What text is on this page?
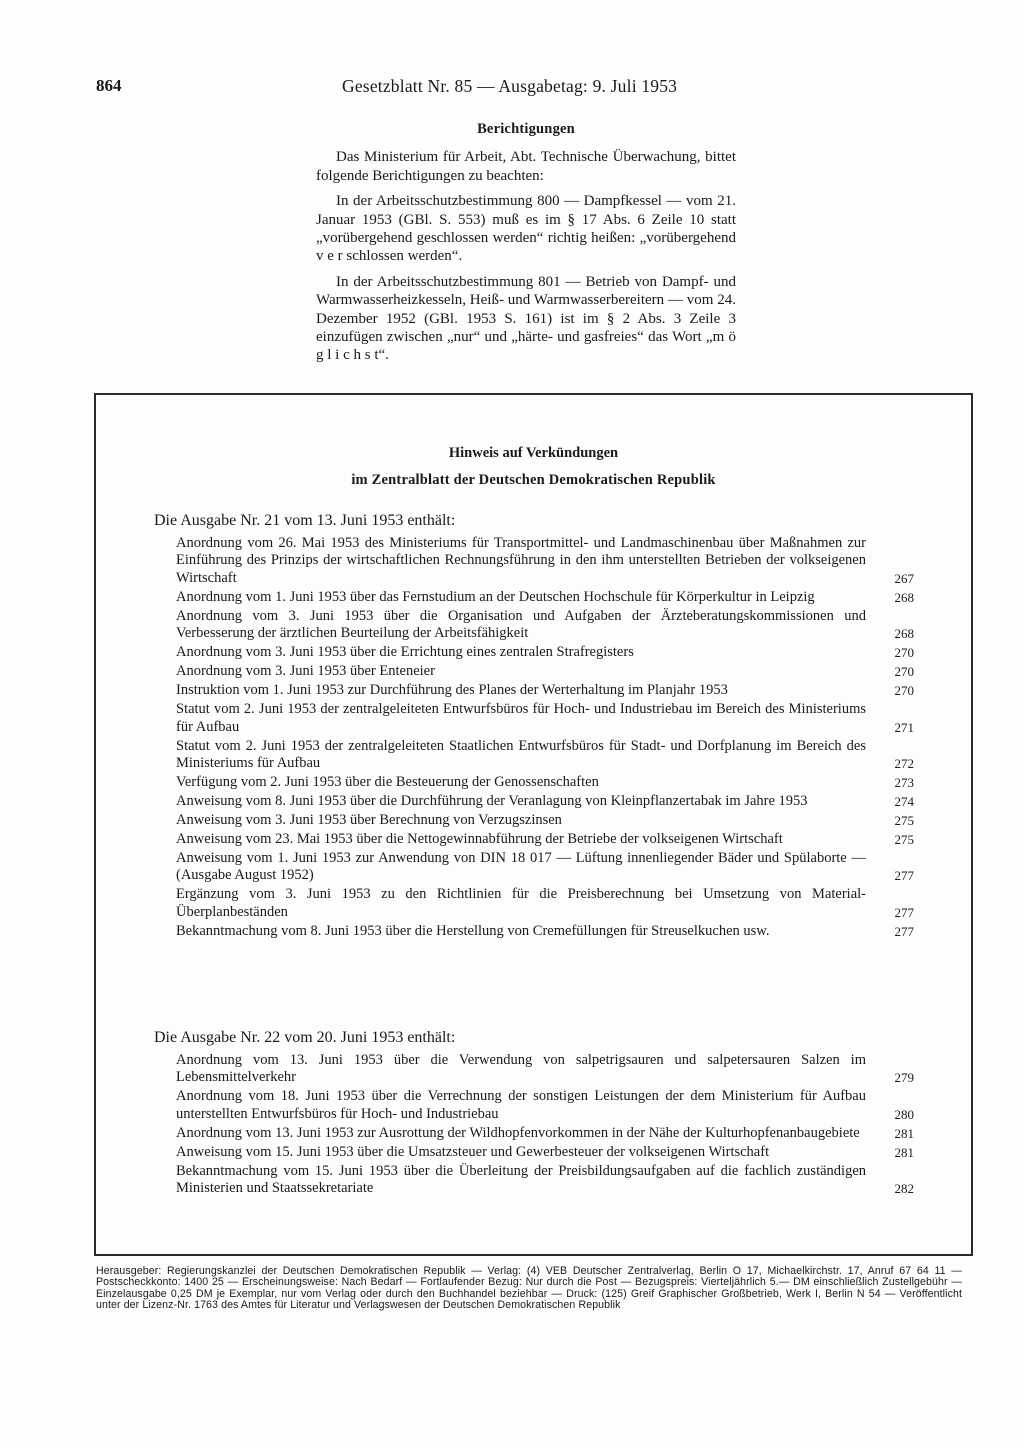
864	Gesetzblatt Nr. 85 — Ausgabetag: 9. Juli 1953

Berichtigungen

Das Ministerium für Arbeit, Abt. Technische Überwachung, bittet folgende Berichtigungen zu beachten:

In der Arbeitsschutzbestimmung 800 — Dampfkessel — vom 21. Januar 1953 (GBl. S. 553) muß es im § 17 Abs. 6 Zeile 10 statt „vorübergehend geschlossen werden“ richtig heißen: „vorübergehend v e r schlossen werden“.

In der Arbeitsschutzbestimmung 801 — Betrieb von Dampf- und Warmwasserheizkesseln, Heiß- und Warmwasserbereitern — vom 24. Dezember 1952 (GBl. 1953 S. 161) ist im § 2 Abs. 3 Zeile 3 einzufügen zwischen „nur“ und „härte- und gasfreies“ das Wort „m ö g l i c h s t“.

Hinweis auf Verkündungen
im Zentralblatt der Deutschen Demokratischen Republik
Die Ausgabe Nr. 21 vom 13. Juni 1953 enthält:
Anordnung vom 26. Mai 1953 des Ministeriums für Transportmittel- und Landmaschinenbau über Maßnahmen zur Einführung des Prinzips der wirtschaftlichen Rechnungsführung in den ihm unterstellten Betrieben der volkseigenen Wirtschaft	267
Anordnung vom 1. Juni 1953 über das Fernstudium an der Deutschen Hochschule für Körperkultur in Leipzig	268
Anordnung vom 3. Juni 1953 über die Organisation und Aufgaben der Ärzteberatungskommissionen und Verbesserung der ärztlichen Beurteilung der Arbeitsfähigkeit	268
Anordnung vom 3. Juni 1953 über die Errichtung eines zentralen Strafregisters	270
Anordnung vom 3. Juni 1953 über Enteneier	270
Instruktion vom 1. Juni 1953 zur Durchführung des Planes der Werterhaltung im Planjahr 1953	270
Statut vom 2. Juni 1953 der zentralgeleiteten Entwurfsbüros für Hoch- und Industriebau im Bereich des Ministeriums für Aufbau	271
Statut vom 2. Juni 1953 der zentralgeleiteten Staatlichen Entwurfsbüros für Stadt- und Dorfplanung im Bereich des Ministeriums für Aufbau	272
Verfügung vom 2. Juni 1953 über die Besteuerung der Genossenschaften	273
Anweisung vom 8. Juni 1953 über die Durchführung der Veranlagung von Kleinpflanzertabak im Jahre 1953	274
Anweisung vom 3. Juni 1953 über Berechnung von Verzugszinsen	275
Anweisung vom 23. Mai 1953 über die Nettogewinnabführung der Betriebe der volkseigenen Wirtschaft	275
Anweisung vom 1. Juni 1953 zur Anwendung von DIN 18 017 — Lüftung innenliegender Bäder und Spülaborte — (Ausgabe August 1952)	277
Ergänzung vom 3. Juni 1953 zu den Richtlinien für die Preisberechnung bei Umsetzung von Material-Überplanbeständen	277
Bekanntmachung vom 8. Juni 1953 über die Herstellung von Cremefüllungen für Streuselkuchen usw.	277
Die Ausgabe Nr. 22 vom 20. Juni 1953 enthält:
Anordnung vom 13. Juni 1953 über die Verwendung von salpetrigsauren und salpetersauren Salzen im Lebensmittelverkehr	279
Anordnung vom 18. Juni 1953 über die Verrechnung der sonstigen Leistungen der dem Ministerium für Aufbau unterstellten Entwurfsbüros für Hoch- und Industriebau	280
Anordnung vom 13. Juni 1953 zur Ausrottung der Wildhopfenvorkommen in der Nähe der Kulturhopfenanbaugebiete	281
Anweisung vom 15. Juni 1953 über die Umsatzsteuer und Gewerbesteuer der volkseigenen Wirtschaft	281
Bekanntmachung vom 15. Juni 1953 über die Überleitung der Preisbildungsaufgaben auf die fachlich zuständigen Ministerien und Staatssekretariate	282
Herausgeber: Regierungskanzlei der Deutschen Demokratischen Republik — Verlag: (4) VEB Deutscher Zentralverlag, Berlin O 17, Michaelkirchstr. 17, Anruf 67 64 11 — Postscheckkonto: 1400 25 — Erscheinungsweise: Nach Bedarf — Fortlaufender Bezug: Nur durch die Post — Bezugspreis: Vierteljährlich 5.— DM einschließlich Zustellgebühr — Einzelausgabe 0,25 DM je Exemplar, nur vom Verlag oder durch den Buchhandel beziehbar — Druck: (125) Greif Graphischer Großbetrieb, Werk I, Berlin N 54 — Veröffentlicht unter der Lizenz-Nr. 1763 des Amtes für Literatur und Verlagswesen der Deutschen Demokratischen Republik
